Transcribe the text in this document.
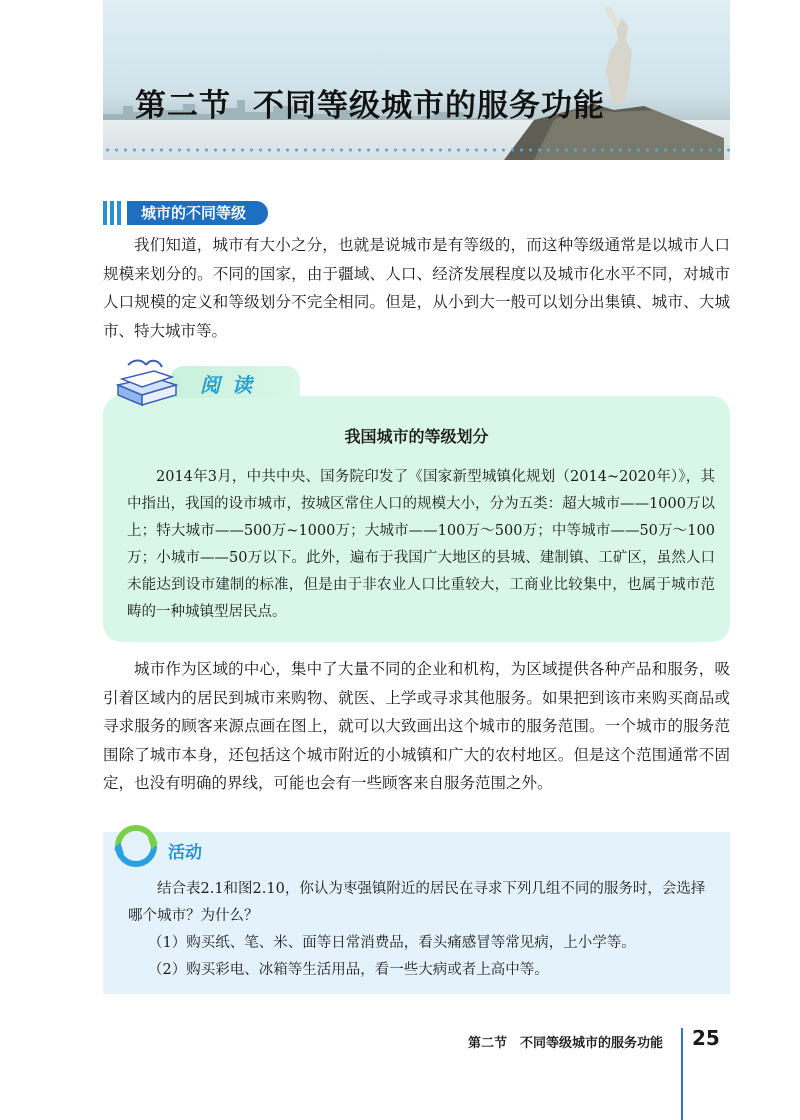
第二节 不同等级城市的服务功能
城市的不同等级

我们知道，城市有大小之分，也就是说城市是有等级的，而这种等级通常是以城市人口规模来划分的。不同的国家，由于疆域、人口、经济发展程度以及城市化水平不同，对城市人口规模的定义和等级划分不完全相同。但是，从小到大一般可以划分出集镇、城市、大城市、特大城市等。

我国城市的等级划分

2014年3月，中共中央、国务院印发了《国家新型城镇化规划（2014~2020年）》，其中指出，我国的设市城市，按城区常住人口的规模大小，分为五类：超大城市——1000万以上；特大城市——500万~1000万；大城市——100万～500万；中等城市——50万～100万；小城市——50万以下。此外，遍布于我国广大地区的县城、建制镇、工矿区，虽然人口未能达到设市建制的标准，但是由于非农业人口比重较大，工商业比较集中，也属于城市范畴的一种城镇型居民点。

阅读

城市作为区域的中心，集中了大量不同的企业和机构，为区域提供各种产品和服务，吸引着区域内的居民到城市来购物、就医、上学或寻求其他服务。如果把到该市来购买商品或寻求服务的顾客来源点画在图上，就可以大致画出这个城市的服务范围。一个城市的服务范围除了城市本身，还包括这个城市附近的小城镇和广大的农村地区。但是这个范围通常不固定，也没有明确的界线，可能也会有一些顾客来自服务范围之外。

活动

结合表2.1和图2.10，你认为枣强镇附近的居民在寻求下列几组不同的服务时，会选择哪个城市？为什么？

（1）购买纸、笔、米、面等日常消费品，看头痛感冒等常见病，上小学等。

（2）购买彩电、冰箱等生活用品，看一些大病或者上高中等。

第二节　不同等级城市的服务功能 25
